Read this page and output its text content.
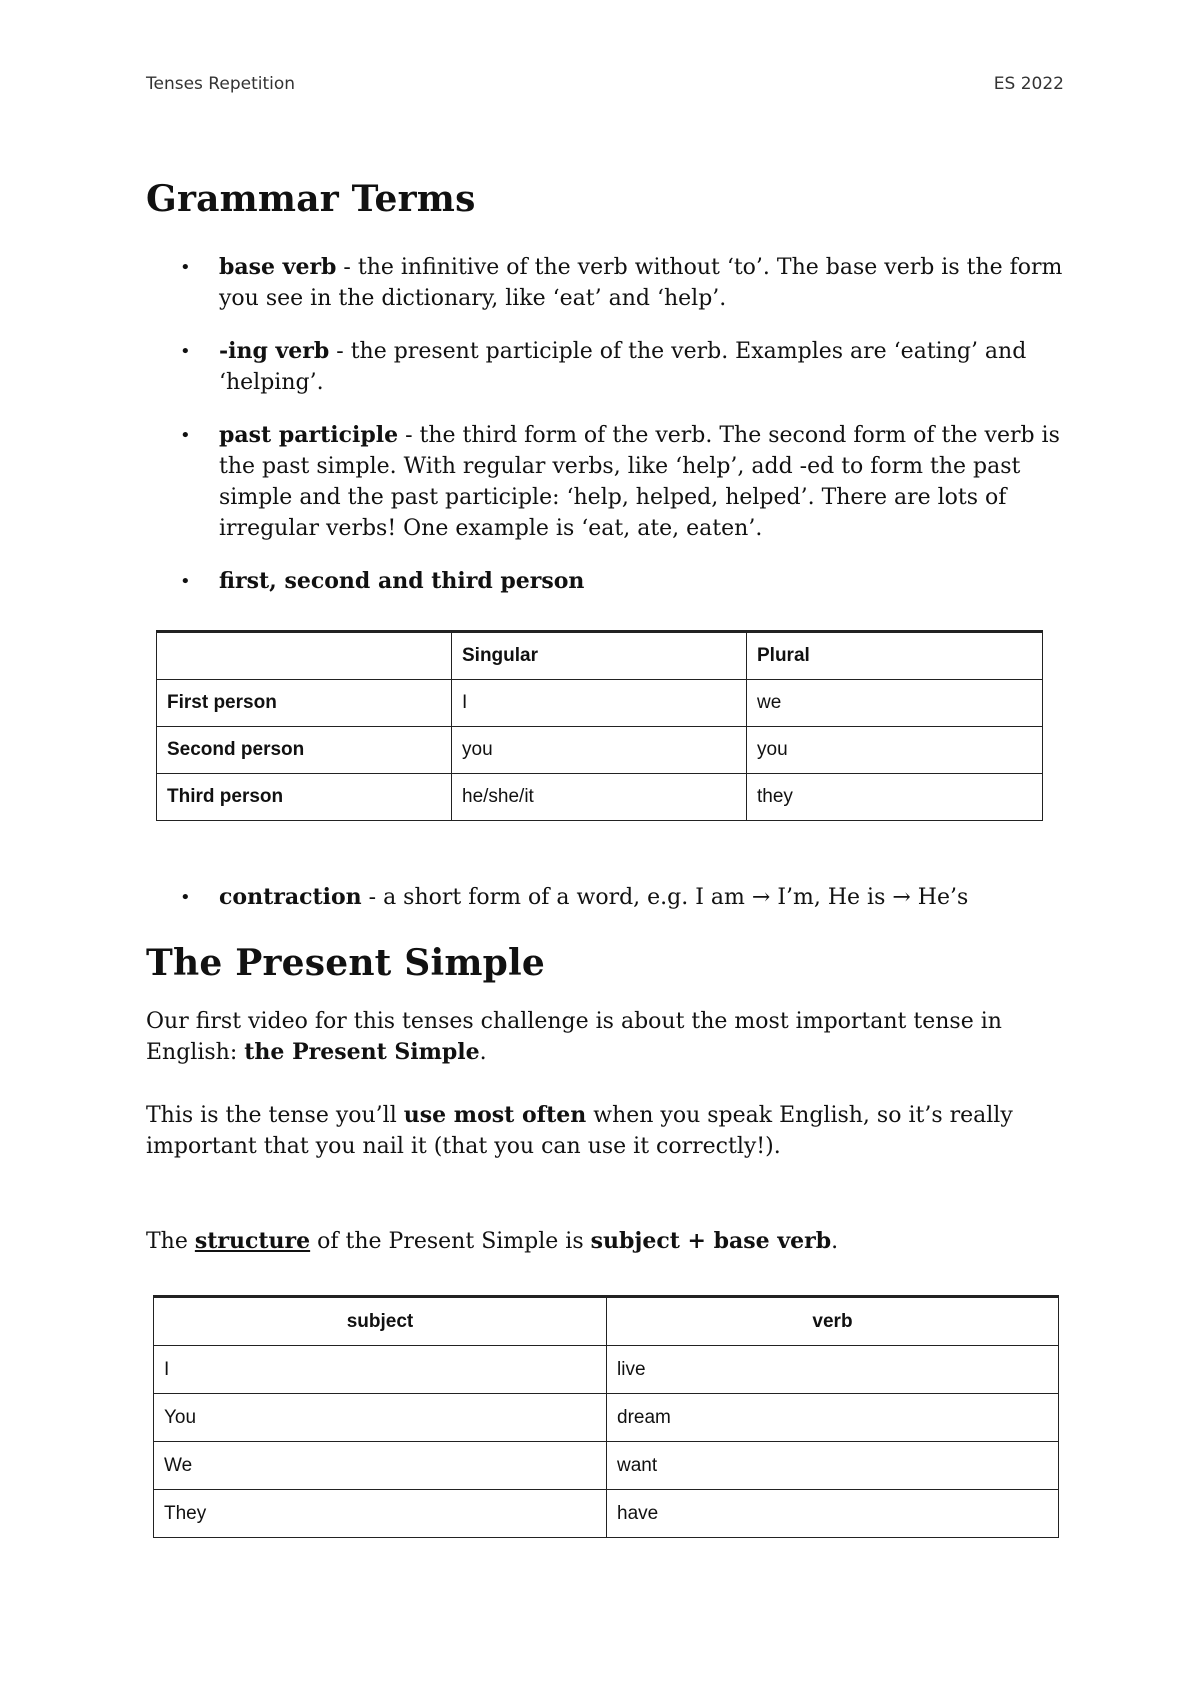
Tenses Repetition	ES 2022
Grammar Terms
• base verb - the infinitive of the verb without ‘to’. The base verb is the form you see in the dictionary, like ‘eat’ and ‘help’.
• -ing verb - the present participle of the verb. Examples are ‘eating’ and ‘helping’.
• past participle - the third form of the verb. The second form of the verb is the past simple. With regular verbs, like ‘help’, add -ed to form the past simple and the past participle: ‘help, helped, helped’. There are lots of irregular verbs! One example is ‘eat, ate, eaten’.
• first, second and third person
	Singular	Plural
First person	I	we
Second person	you	you
Third person	he/she/it	they
• contraction - a short form of a word, e.g. I am → I’m, He is → He’s
The Present Simple

Our first video for this tenses challenge is about the most important tense in English: the Present Simple.

This is the tense you’ll use most often when you speak English, so it’s really important that you nail it (that you can use it correctly!).

The structure of the Present Simple is subject + base verb.

subject	verb
I	live
You	dream
We	want
They	have
